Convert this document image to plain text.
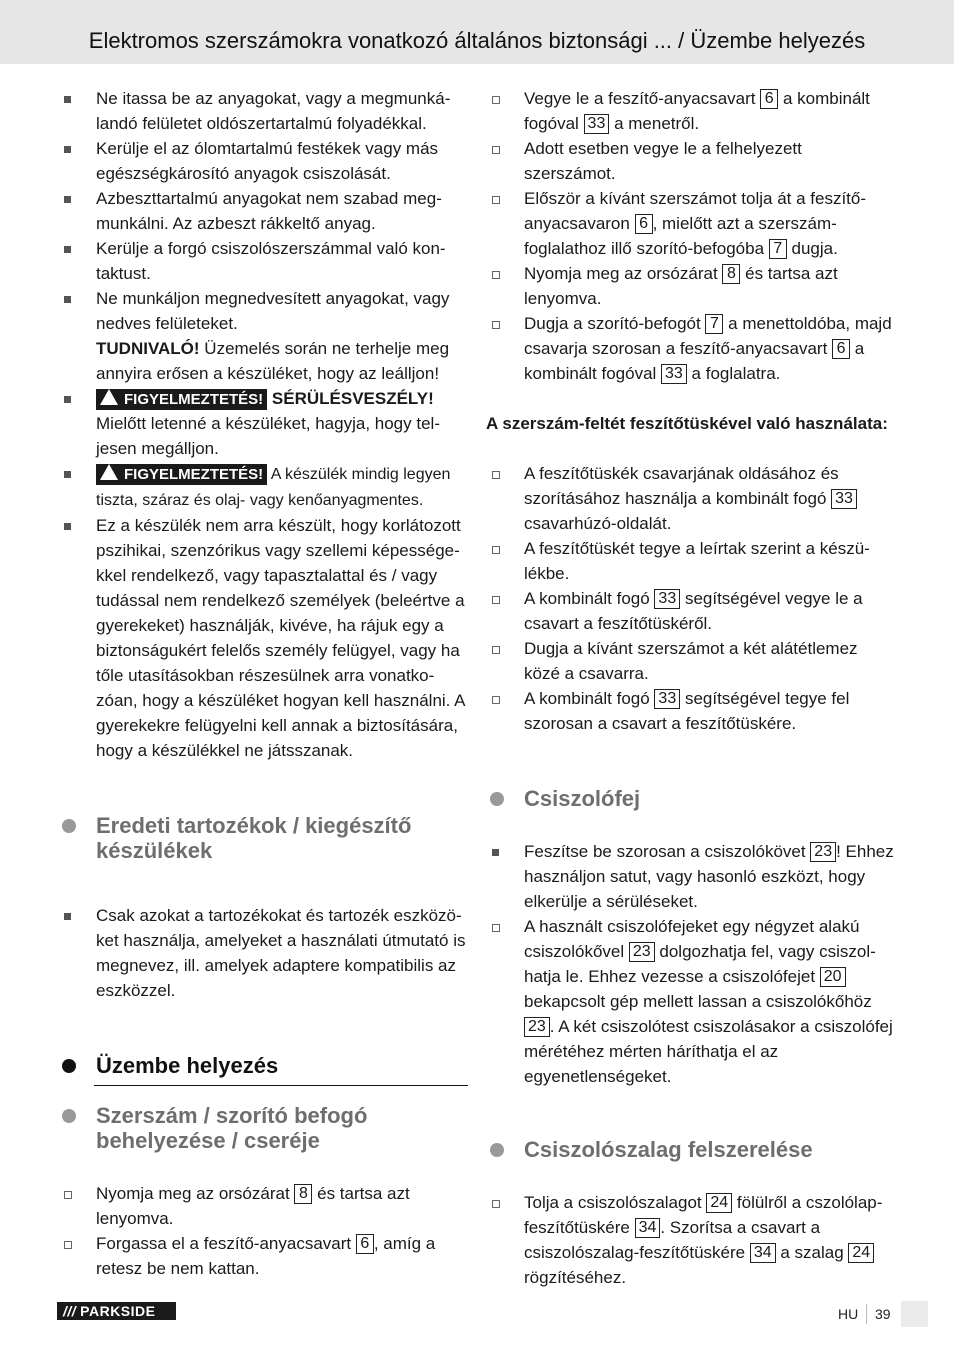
Elektromos szerszámokra vonatkozó általános biztonsági ... / Üzembe helyezés
Ne itassa be az anyagokat, vagy a megmunkálandó felületet oldószertartalmú folyadékkal.
Kerülje el az ólomtartalmú festékek vagy más egészségkárosító anyagok csiszolását.
Azbeszttartalmú anyagokat nem szabad megmunkálni. Az azbeszt rákkeltő anyag.
Kerülje a forgó csiszolószerszámmal való kontaktust.
Ne munkáljon megnedvesített anyagokat, vagy nedves felületeket.
TUDNIVALÓ! Üzemelés során ne terhelje meg annyira erősen a készüléket, hogy az leálljon!
FIGYELMEZTETÉS! SÉRÜLÉSVESZÉLY! Mielőtt letenné a készüléket, hagyja, hogy teljesen megálljon.
FIGYELMEZTETÉS! A készülék mindig legyen tiszta, száraz és olaj- vagy kenőanyagmentes.
Ez a készülék nem arra készült, hogy korlátozott pszihikai, szenzórikus vagy szellemi képességekkel rendelkező, vagy tapasztalattal és / vagy tudással nem rendelkező személyek (beleértve a gyerekeket) használják, kivéve, ha rájuk egy a biztonságukért felelős személy felügyel, vagy ha tőle utasításokban részesülnek arra vonatkozóan, hogy a készüléket hogyan kell használni. A gyerekekre felügyelni kell annak a biztosítására, hogy a készülékkel ne játsszanak.
Eredeti tartozékok / kiegészítő készülékek
Csak azokat a tartozékokat és tartozék eszközöket használja, amelyeket a használati útmutató is megnevez, ill. amelyek adaptere kompatibilis az eszközzel.
Üzembe helyezés
Szerszám / szorító befogó behelyezése / cseréje
Nyomja meg az orsózárat 8 és tartsa azt lenyomva.
Forgassa el a feszítő-anyacsavart 6 , amíg a retesz be nem kattan.
Vegye le a feszítő-anyacsavart 6 a kombinált fogóval 33 a menetről.
Adott esetben vegye le a felhelyezett szerszámot.
Először a kívánt szerszámot tolja át a feszítő-anyacsavaron 6 , mielőtt azt a szerszám-foglalathoz illő szorító-befogóba 7 dugja.
Nyomja meg az orsózárat 8 és tartsa azt lenyomva.
Dugja a szorító-befogót 7 a menettoldóba, majd csavarja szorosan a feszítő-anyacsavart 6 a kombinált fogóval 33 a foglalatra.
A szerszám-feltét feszítőtüskével való használata:
A feszítőtüskék csavarjának oldásához és szorításához használja a kombinált fogó 33 csavarhúzó-oldalát.
A feszítőtüskét tegye a leírtak szerint a készülékbe.
A kombinált fogó 33 segítségével vegye le a csavart a feszítőtüskéről.
Dugja a kívánt szerszámot a két alátétlemez közé a csavarra.
A kombinált fogó 33 segítségével tegye fel szorosan a csavart a feszítőtüskére.
Csiszolófej
Feszítse be szorosan a csiszolókövet 23 ! Ehhez használjon satut, vagy hasonló eszközt, hogy elkerülje a sérüléseket.
A használt csiszolófejeket egy négyzet alakú csiszolókővel 23 dolgozhatja fel, vagy csiszolhatja le. Ehhez vezesse a csiszolófejet 20 bekapcsolt gép mellett lassan a csiszolókőhöz 23 . A két csiszolótest csiszolásakor a csiszolófej mérétéhez mérten háríthatja el az egyenetlenségeket.
Csiszolószalag felszerelése
Tolja a csiszolószalagot 24 fölülről a cszolólap-feszítőtüskére 34 . Szorítsa a csavart a csiszolószalag-feszítőtüskére 34 a szalag 24 rögzítéséhez.
/// PARKSIDE	HU 39
